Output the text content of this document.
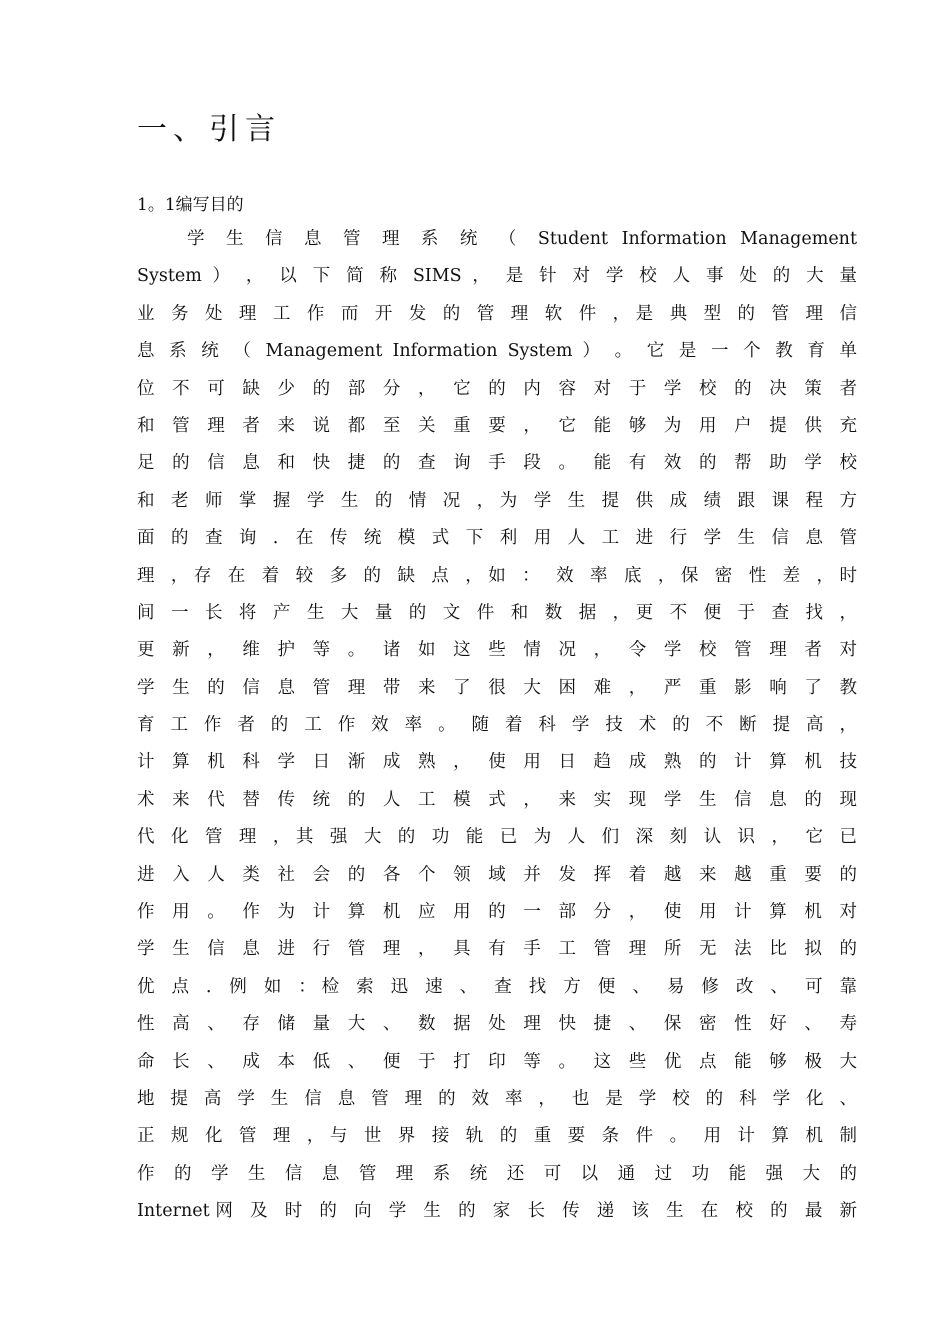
一、引言
1。1编写目的
学 生 信 息 管 理 系 统 （ Student Information Management
System ） ， 以 下 简 称 SIMS ， 是 针 对 学 校 人 事 处 的 大 量
业 务 处 理 工 作 而 开 发 的 管 理 软 件 ，是 典 型 的 管 理 信
息 系 统 （ Management Information System ） 。 它 是 一 个 教 育 单
位 不 可 缺 少 的 部 分 ， 它 的 内 容 对 于 学 校 的 决 策 者
和 管 理 者 来 说 都 至 关 重 要 ， 它 能 够 为 用 户 提 供 充
足 的 信 息 和 快 捷 的 查 询 手 段 。 能 有 效 的 帮 助 学 校
和 老 师 掌 握 学 生 的 情 况 ，为 学 生 提 供 成 绩 跟 课 程 方
面 的 查 询 ．在 传 统 模 式 下 利 用 人 工 进 行 学 生 信 息 管
理 ，存 在 着 较 多 的 缺 点 ，如 ： 效 率 底 ，保 密 性 差 ，时
间 一 长 将 产 生 大 量 的 文 件 和 数 据 ，更 不 便 于 查 找 ，
更 新 ， 维 护 等 。 诸 如 这 些 情 况 ， 令 学 校 管 理 者 对
学 生 的 信 息 管 理 带 来 了 很 大 困 难 ， 严 重 影 响 了 教
育 工 作 者 的 工 作 效 率 。 随 着 科 学 技 术 的 不 断 提 高 ，
计 算 机 科 学 日 渐 成 熟 ， 使 用 日 趋 成 熟 的 计 算 机 技
术 来 代 替 传 统 的 人 工 模 式 ， 来 实 现 学 生 信 息 的 现
代 化 管 理 ，其 强 大 的 功 能 已 为 人 们 深 刻 认 识 ， 它 已
进 入 人 类 社 会 的 各 个 领 域 并 发 挥 着 越 来 越 重 要 的
作 用 。 作 为 计 算 机 应 用 的 一 部 分 ， 使 用 计 算 机 对
学 生 信 息 进 行 管 理 ， 具 有 手 工 管 理 所 无 法 比 拟 的
优 点 ．例 如 ：检 索 迅 速 、 查 找 方 便 、 易 修 改 、 可 靠
性 高 、 存 储 量 大 、 数 据 处 理 快 捷 、 保 密 性 好 、 寿
命 长 、 成 本 低 、 便 于 打 印 等 。 这 些 优 点 能 够 极 大
地 提 高 学 生 信 息 管 理 的 效 率 ， 也 是 学 校 的 科 学 化 、
正 规 化 管 理 ，与 世 界 接 轨 的 重 要 条 件 。 用 计 算 机 制
作 的 学 生 信 息 管 理 系 统 还 可 以 通 过 功 能 强 大 的
Internet网 及 时 的 向 学 生 的 家 长 传 递 该 生 在 校 的 最 新
